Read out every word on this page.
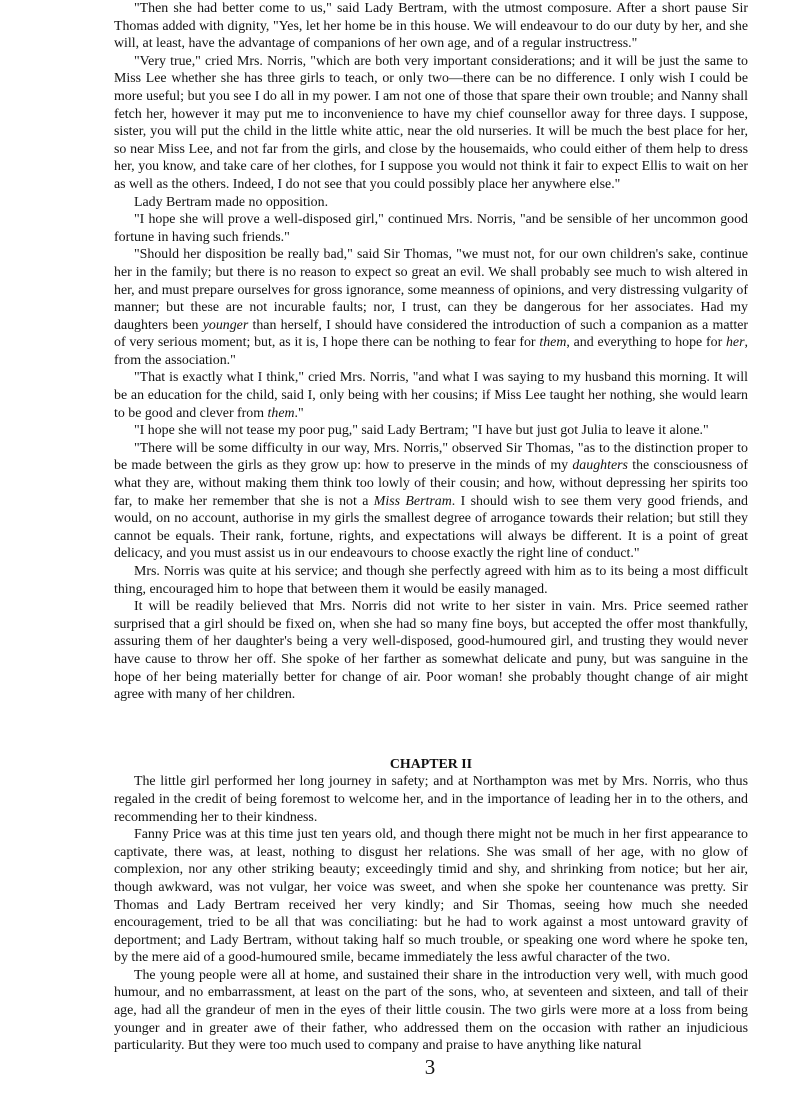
"Then she had better come to us," said Lady Bertram, with the utmost composure. After a short pause Sir Thomas added with dignity, "Yes, let her home be in this house. We will endeavour to do our duty by her, and she will, at least, have the advantage of companions of her own age, and of a regular instructress."

"Very true," cried Mrs. Norris, "which are both very important considerations; and it will be just the same to Miss Lee whether she has three girls to teach, or only two—there can be no difference. I only wish I could be more useful; but you see I do all in my power. I am not one of those that spare their own trouble; and Nanny shall fetch her, however it may put me to inconvenience to have my chief counsellor away for three days. I suppose, sister, you will put the child in the little white attic, near the old nurseries. It will be much the best place for her, so near Miss Lee, and not far from the girls, and close by the housemaids, who could either of them help to dress her, you know, and take care of her clothes, for I suppose you would not think it fair to expect Ellis to wait on her as well as the others. Indeed, I do not see that you could possibly place her anywhere else."

Lady Bertram made no opposition.

"I hope she will prove a well-disposed girl," continued Mrs. Norris, "and be sensible of her uncommon good fortune in having such friends."

"Should her disposition be really bad," said Sir Thomas, "we must not, for our own children's sake, continue her in the family; but there is no reason to expect so great an evil. We shall probably see much to wish altered in her, and must prepare ourselves for gross ignorance, some meanness of opinions, and very distressing vulgarity of manner; but these are not incurable faults; nor, I trust, can they be dangerous for her associates. Had my daughters been younger than herself, I should have considered the introduction of such a companion as a matter of very serious moment; but, as it is, I hope there can be nothing to fear for them, and everything to hope for her, from the association."

"That is exactly what I think," cried Mrs. Norris, "and what I was saying to my husband this morning. It will be an education for the child, said I, only being with her cousins; if Miss Lee taught her nothing, she would learn to be good and clever from them."

"I hope she will not tease my poor pug," said Lady Bertram; "I have but just got Julia to leave it alone."

"There will be some difficulty in our way, Mrs. Norris," observed Sir Thomas, "as to the distinction proper to be made between the girls as they grow up: how to preserve in the minds of my daughters the consciousness of what they are, without making them think too lowly of their cousin; and how, without depressing her spirits too far, to make her remember that she is not a Miss Bertram. I should wish to see them very good friends, and would, on no account, authorise in my girls the smallest degree of arrogance towards their relation; but still they cannot be equals. Their rank, fortune, rights, and expectations will always be different. It is a point of great delicacy, and you must assist us in our endeavours to choose exactly the right line of conduct."

Mrs. Norris was quite at his service; and though she perfectly agreed with him as to its being a most difficult thing, encouraged him to hope that between them it would be easily managed.

It will be readily believed that Mrs. Norris did not write to her sister in vain. Mrs. Price seemed rather surprised that a girl should be fixed on, when she had so many fine boys, but accepted the offer most thankfully, assuring them of her daughter's being a very well-disposed, good-humoured girl, and trusting they would never have cause to throw her off. She spoke of her farther as somewhat delicate and puny, but was sanguine in the hope of her being materially better for change of air. Poor woman! she probably thought change of air might agree with many of her children.

CHAPTER II

The little girl performed her long journey in safety; and at Northampton was met by Mrs. Norris, who thus regaled in the credit of being foremost to welcome her, and in the importance of leading her in to the others, and recommending her to their kindness.

Fanny Price was at this time just ten years old, and though there might not be much in her first appearance to captivate, there was, at least, nothing to disgust her relations. She was small of her age, with no glow of complexion, nor any other striking beauty; exceedingly timid and shy, and shrinking from notice; but her air, though awkward, was not vulgar, her voice was sweet, and when she spoke her countenance was pretty. Sir Thomas and Lady Bertram received her very kindly; and Sir Thomas, seeing how much she needed encouragement, tried to be all that was conciliating: but he had to work against a most untoward gravity of deportment; and Lady Bertram, without taking half so much trouble, or speaking one word where he spoke ten, by the mere aid of a good-humoured smile, became immediately the less awful character of the two.

The young people were all at home, and sustained their share in the introduction very well, with much good humour, and no embarrassment, at least on the part of the sons, who, at seventeen and sixteen, and tall of their age, had all the grandeur of men in the eyes of their little cousin. The two girls were more at a loss from being younger and in greater awe of their father, who addressed them on the occasion with rather an injudicious particularity. But they were too much used to company and praise to have anything like natural

3
